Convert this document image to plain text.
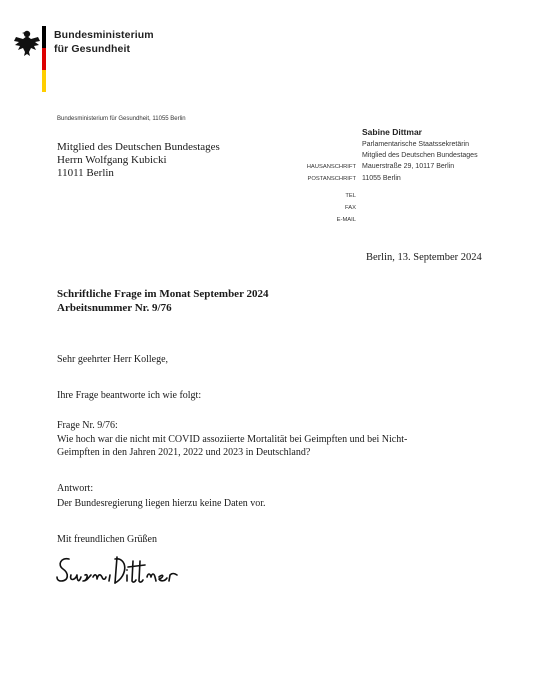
Bundesministerium
für Gesundheit
Bundesministerium für Gesundheit, 11055 Berlin
Mitglied des Deutschen Bundestages
Herrn Wolfgang Kubicki
11011 Berlin
Sabine Dittmar
Parlamentarische Staatssekretärin
Mitglied des Deutschen Bundestages
Mauerstraße 29, 10117 Berlin
11055 Berlin
HAUSANSCHRIFT
POSTANSCHRIFT
TEL
FAX
E-MAIL
Berlin, 13. September 2024
Schriftliche Frage im Monat September 2024
Arbeitsnummer Nr. 9/76
Sehr geehrter Herr Kollege,
Ihre Frage beantworte ich wie folgt:
Frage Nr. 9/76:
Wie hoch war die nicht mit COVID assoziierte Mortalität bei Geimpften und bei Nicht-
Geimpften in den Jahren 2021, 2022 und 2023 in Deutschland?
Antwort:
Der Bundesregierung liegen hierzu keine Daten vor.
Mit freundlichen Grüßen
